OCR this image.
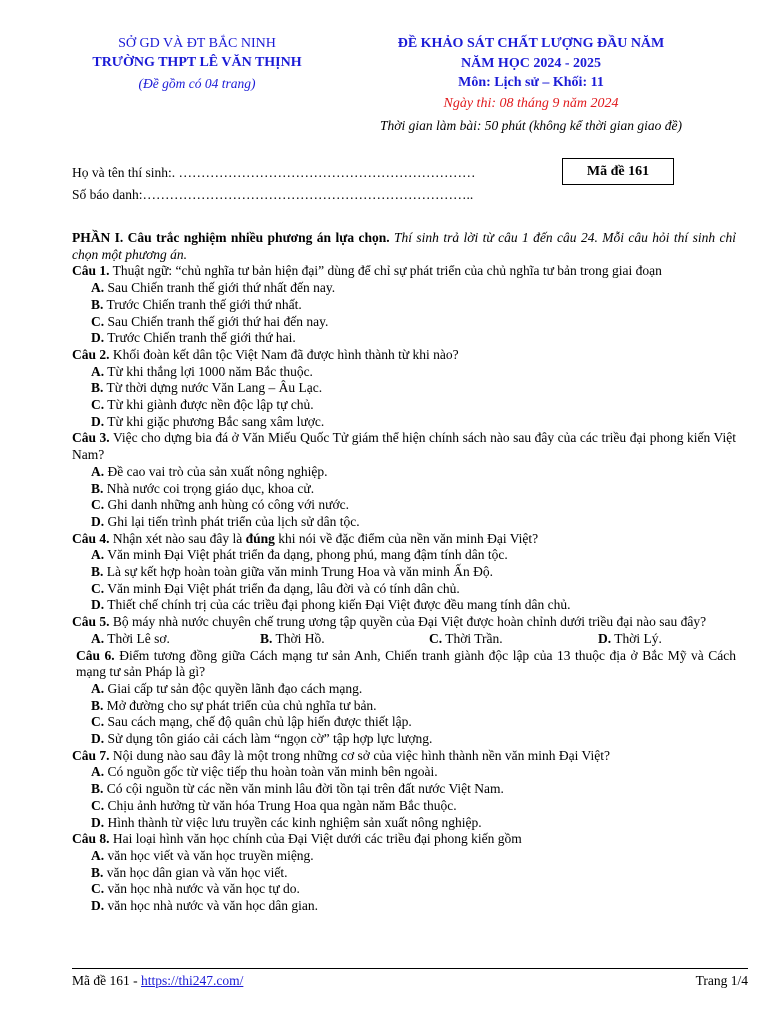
SỞ GD VÀ ĐT BẮC NINH
TRƯỜNG THPT LÊ VĂN THỊNH
(Đề gồm có 04 trang)
ĐỀ KHẢO SÁT CHẤT LƯỢNG ĐẦU NĂM
NĂM HỌC 2024 - 2025
Môn: Lịch sử – Khối: 11
Ngày thi: 08 tháng 9 năm 2024
Thời gian làm bài: 50 phút (không kể thời gian giao đề)
Họ và tên thí sinh:. …………………………………………………………
Số báo danh:………………………………………………………………..
Mã đề 161
PHẦN I. Câu trắc nghiệm nhiều phương án lựa chọn. Thí sinh trả lời từ câu 1 đến câu 24. Mỗi câu hỏi thí sinh chỉ chọn một phương án.
Câu 1. Thuật ngữ: “chủ nghĩa tư bản hiện đại” dùng để chỉ sự phát triển của chủ nghĩa tư bản trong giai đoạn
A. Sau Chiến tranh thế giới thứ nhất đến nay.
B. Trước Chiến tranh thế giới thứ nhất.
C. Sau Chiến tranh thế giới thứ hai đến nay.
D. Trước Chiến tranh thế giới thứ hai.
Câu 2. Khối đoàn kết dân tộc Việt Nam đã được hình thành từ khi nào?
A. Từ khi thắng lợi 1000 năm Bắc thuộc.
B. Từ thời dựng nước Văn Lang – Âu Lạc.
C. Từ khi giành được nền độc lập tự chủ.
D. Từ khi giặc phương Bắc sang xâm lược.
Câu 3. Việc cho dựng bia đá ở Văn Miếu Quốc Tử giám thể hiện chính sách nào sau đây của các triều đại phong kiến Việt Nam?
A. Đề cao vai trò của sản xuất nông nghiệp.
B. Nhà nước coi trọng giáo dục, khoa cử.
C. Ghi danh những anh hùng có công với nước.
D. Ghi lại tiến trình phát triển của lịch sử dân tộc.
Câu 4. Nhận xét nào sau đây là đúng khi nói về đặc điểm của nền văn minh Đại Việt?
A. Văn minh Đại Việt phát triển đa dạng, phong phú, mang đậm tính dân tộc.
B. Là sự kết hợp hoàn toàn giữa văn minh Trung Hoa và văn minh Ấn Độ.
C. Văn minh Đại Việt phát triển đa dạng, lâu đời và có tính dân chủ.
D. Thiết chế chính trị của các triều đại phong kiến Đại Việt được đều mang tính dân chủ.
Câu 5. Bộ máy nhà nước chuyên chế trung ương tập quyền của Đại Việt được hoàn chỉnh dưới triều đại nào sau đây?
A. Thời Lê sơ.	B. Thời Hồ.	C. Thời Trần.	D. Thời Lý.
Câu 6. Điểm tương đồng giữa Cách mạng tư sản Anh, Chiến tranh giành độc lập của 13 thuộc địa ở Bắc Mỹ và Cách mạng tư sản Pháp là gì?
A. Giai cấp tư sản độc quyền lãnh đạo cách mạng.
B. Mở đường cho sự phát triển của chủ nghĩa tư bản.
C. Sau cách mạng, chế độ quân chủ lập hiến được thiết lập.
D. Sử dụng tôn giáo cải cách làm “ngọn cờ” tập hợp lực lượng.
Câu 7. Nội dung nào sau đây là một trong những cơ sở của việc hình thành nền văn minh Đại Việt?
A. Có nguồn gốc từ việc tiếp thu hoàn toàn văn minh bên ngoài.
B. Có cội nguồn từ các nền văn minh lâu đời tồn tại trên đất nước Việt Nam.
C. Chịu ảnh hưởng từ văn hóa Trung Hoa qua ngàn năm Bắc thuộc.
D. Hình thành từ việc lưu truyền các kinh nghiệm sản xuất nông nghiệp.
Câu 8. Hai loại hình văn học chính của Đại Việt dưới các triều đại phong kiến gồm
A. văn học viết và văn học truyền miệng.
B. văn học dân gian và văn học viết.
C. văn học nhà nước và văn học tự do.
D. văn học nhà nước và văn học dân gian.
Mã đề 161 - https://thi247.com/	Trang 1/4
